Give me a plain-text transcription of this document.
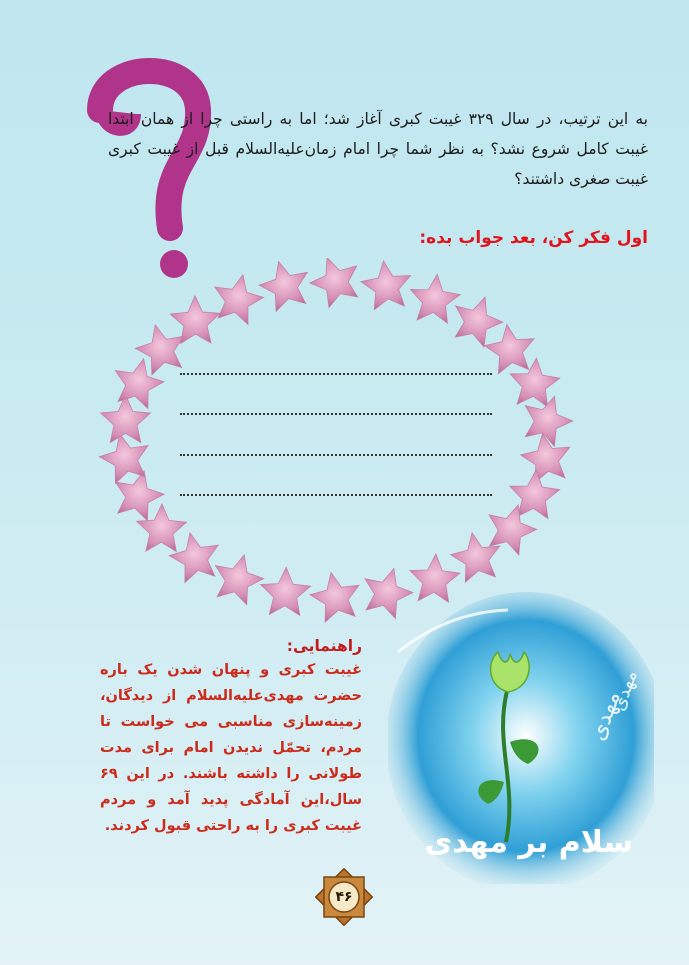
به این ترتیب، در سال ۳۲۹ غیبت کبری آغاز شد؛ اما به راستی چرا از همان ابتدا غیبت کامل شروع نشد؟ به نظر شما چرا امام زمان‌علیه‌السلام قبل از غیبت کبری غیبت صغری داشتند؟

اول فکر کن، بعد جواب بده:

مهدی
مهدی
سلام بر مهدی

راهنمایی:

غیبت کبری و پنهان شدن یک باره حضرت مهدی‌علیه‌السلام از دیدگان، زمینه‌سازی مناسبی می خواست تا مردم، تحمّل ندیدن امام برای مدت طولانی را داشته باشند. در این ۶۹ سال،این آمادگی پدید آمد و مردم غیبت کبری را به راحتی قبول کردند.

۴۶
